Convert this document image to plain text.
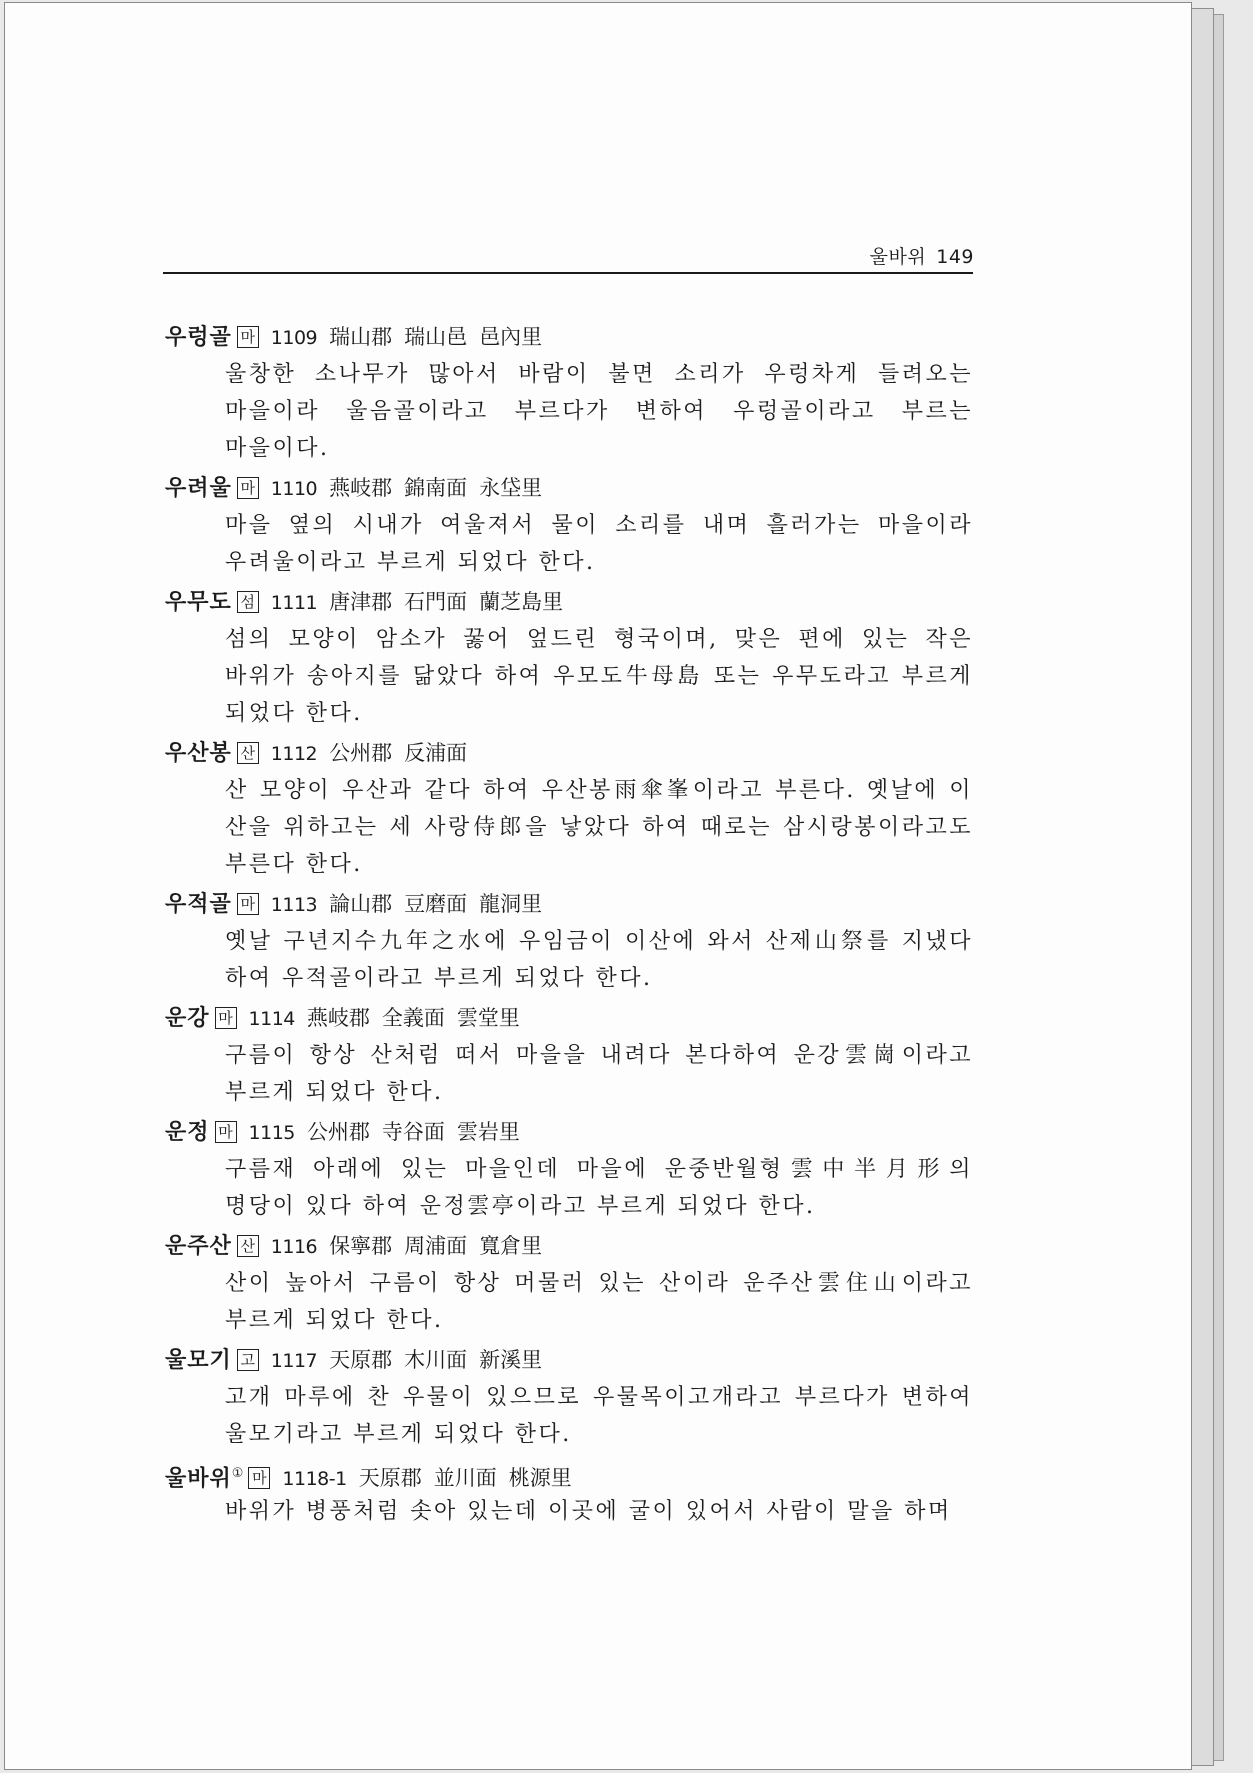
울바위 149
우렁골 마 1109 瑞山郡 瑞山邑 邑內里
울창한 소나무가 많아서 바람이 불면 소리가 우렁차게 들려오는 마을이라 울음골이라고 부르다가 변하여 우렁골이라고 부르는 마을이다.
우려울 마 1110 燕岐郡 錦南面 永垈里
마을 옆의 시내가 여울져서 물이 소리를 내며 흘러가는 마을이라 우려울이라고 부르게 되었다 한다.
우무도 섬 1111 唐津郡 石門面 蘭芝島里
섬의 모양이 암소가 꿇어 엎드린 형국이며, 맞은 편에 있는 작은 바위가 송아지를 닮았다 하여 우모도牛母島 또는 우무도라고 부르게 되었다 한다.
우산봉 산 1112 公州郡 反浦面
산 모양이 우산과 같다 하여 우산봉雨傘峯이라고 부른다. 옛날에 이 산을 위하고는 세 사랑侍郎을 낳았다 하여 때로는 삼시랑봉이라고도 부른다 한다.
우적골 마 1113 論山郡 豆磨面 龍洞里
옛날 구년지수九年之水에 우임금이 이산에 와서 산제山祭를 지냈다 하여 우적골이라고 부르게 되었다 한다.
운강 마 1114 燕岐郡 全義面 雲堂里
구름이 항상 산처럼 떠서 마을을 내려다 본다하여 운강雲崗이라고 부르게 되었다 한다.
운정 마 1115 公州郡 寺谷面 雲岩里
구름재 아래에 있는 마을인데 마을에 운중반월형雲中半月形의 명당이 있다 하여 운정雲亭이라고 부르게 되었다 한다.
운주산 산 1116 保寧郡 周浦面 寬倉里
산이 높아서 구름이 항상 머물러 있는 산이라 운주산雲住山이라고 부르게 되었다 한다.
울모기 고 1117 天原郡 木川面 新溪里
고개 마루에 찬 우물이 있으므로 우물목이고개라고 부르다가 변하여 울모기라고 부르게 되었다 한다.
울바위① 마 1118-1 天原郡 並川面 桃源里
바위가 병풍처럼 솟아 있는데 이곳에 굴이 있어서 사람이 말을 하며
